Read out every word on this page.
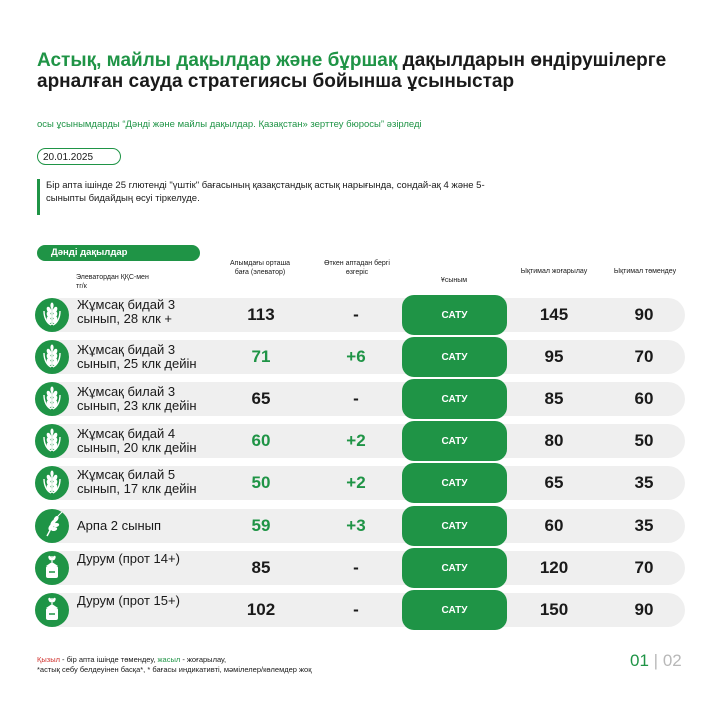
Астық, майлы дақылдар және бұршақ дақылдарын өндірушілерге арналған сауда стратегиясы бойынша ұсыныстар
осы ұсынымдарды “Дәнді және майлы дақылдар. Қазақстан» зерттеу бюросы” әзірледі
20.01.2025
Бір апта ішінде 25 глютенді "үштік" бағасының қазақстандық астық нарығында, сондай-ақ 4 және 5-сыныпты бидайдың өсуі тіркелуде.
Дәнді дақылдар
Элеватордан ҚҚС-мен тг/к
Апымдағы орташа баға (элеватор)
Өткен аптадан бергі өзгеріс
Ұсыным
Ықтимал жоғарылау	Ықтимал төмендеу
Жұмсақ бидай 3 сынып, 28 клк +	113	-	САТУ	145	90
Жұмсақ бидай 3 сынып, 25 клк дейін	71	+6	САТУ	95	70
Жұмсақ билай 3 сынып, 23 клк дейін	65	-	САТУ	85	60
Жұмсақ бидай 4 сынып, 20 клк дейін	60	+2	САТУ	80	50
Жұмсақ билай 5 сынып, 17 клк дейін	50	+2	САТУ	65	35
Арпа 2 сынып	59	+3	САТУ	60	35
Дурум (прот 14+)	85	-	САТУ	120	70
Дурум (прот 15+)	102	-	САТУ	150	90
Қызыл - бір апта ішінде төмендеу, жасыл - жоғарылау,
*астық себу белдеуінен басқа*, * бағасы индикативті, мәмілелер/көлемдер жоқ	01 | 02
